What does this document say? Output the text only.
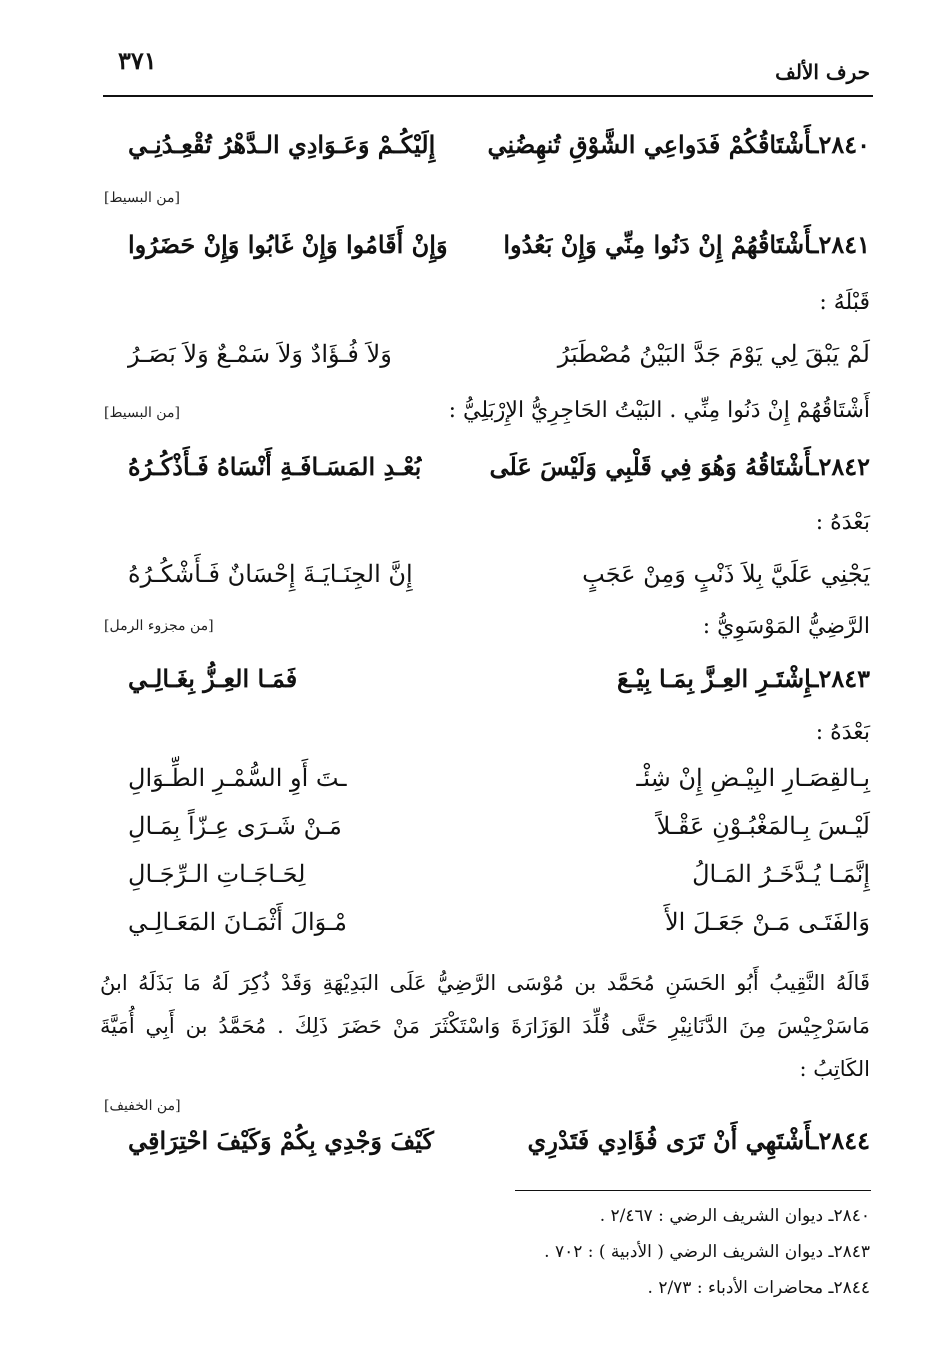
حرف الألف
٣٧١
٢٨٤٠ـأَشْتَاقُكُمْ فَدَواعِي الشَّوْقِ تُنهِضُنِي
إِلَيْكُـمْ وَعَـوَادِي الـدَّهْرُ تُقْعِـدُنِـي
[من البسيط]
٢٨٤١ـأَشْتَاقُهُمْ إِنْ دَنُوا مِنِّي وَإِنْ بَعُدُوا
وَإِنْ أَقَامُوا وَإِنْ غَابُوا وَإِنْ حَضَرُوا
قَبْلَهُ :
لَمْ يَبْقَ لِي يَوْمَ جَدَّ البَيْنُ مُصْطَبَرُ
وَلاَ فُـؤَادٌ وَلاَ سَمْـعٌ وَلاَ بَصَـرُ
أَشْتَاقُهُمْ إِنْ دَنُوا مِنِّي . البَيْتُ الحَاجِرِيُّ الإِرْبَلِيُّ :
[من البسيط]
٢٨٤٢ـأَشْتَاقُهُ وَهُوَ فِي قَلْبِي وَلَيْسَ عَلَى
بُعْـدِ المَسَـافَـةِ أَنْسَاهُ فَـأَذْكُـرُهُ
بَعْدَهُ :
يَجْنِي عَلَيَّ بِلاَ ذَنْبٍ وَمِنْ عَجَبٍ
إِنَّ الجِنَـايَـةَ إِحْسَانٌ فَـأَشْكُـرُهُ
الرَّضِيُّ المَوْسَوِيُّ :
[من مجزوء الرمل]
٢٨٤٣ـإِشْتَـرِ العِـزَّ بِمَـا بِيْـعَ
فَمَـا العِـزُّ بِغَـالِـي
بَعْدَهُ :
بِـالقِصَـارِ البِيْـضِ إِنْ شِئْـ
ـتَ أَوِ السُّمْـرِ الطِّـوَالِ
لَيْـسَ بِـالمَغْبُـوْنِ عَقْـلاً
مَـنْ شَـرَى عِـزّاً بِمَـالِ
إِنَّمَـا يُـدَّخَـرُ المَـالُ
لِحَـاجَـاتِ الـرِّجَـالِ
وَالفَتَـى مَـنْ جَعَـلَ الأَ
مْـوَالَ أَثْمَـانَ المَعَـالِـي
قَالَهُ النَّقِيبُ أَبُو الحَسَنِ مُحَمَّد بن مُوْسَى الرَّضِيُّ عَلَى البَدِيْهَةِ وَقَدْ ذُكِرَ لَهُ مَا بَذَلَهُ ابنُ مَاسَرْجِيْسَ مِنَ الدَّنَانِيْرِ حَتَّى قُلِّدَ الوَزَارَةَ وَاسْتَكْثَرَ مَنْ حَضَرَ ذَلِكَ . مُحَمَّدُ بن أَبِي أُمَيَّةَ الكَاتِبُ :
[من الخفيف]
٢٨٤٤ـأَشْتَهِي أَنْ تَرَى فُؤَادِي فَتَدْرِي
كَيْفَ وَجْدِي بِكُمْ وَكَيْفَ احْتِرَاقِي
٢٨٤٠ـ ديوان الشريف الرضي : ٢/٤٦٧ .
٢٨٤٣ـ ديوان الشريف الرضي ( الأدبية ) : ٧٠٢ .
٢٨٤٤ـ محاضرات الأدباء : ٢/٧٣ .
